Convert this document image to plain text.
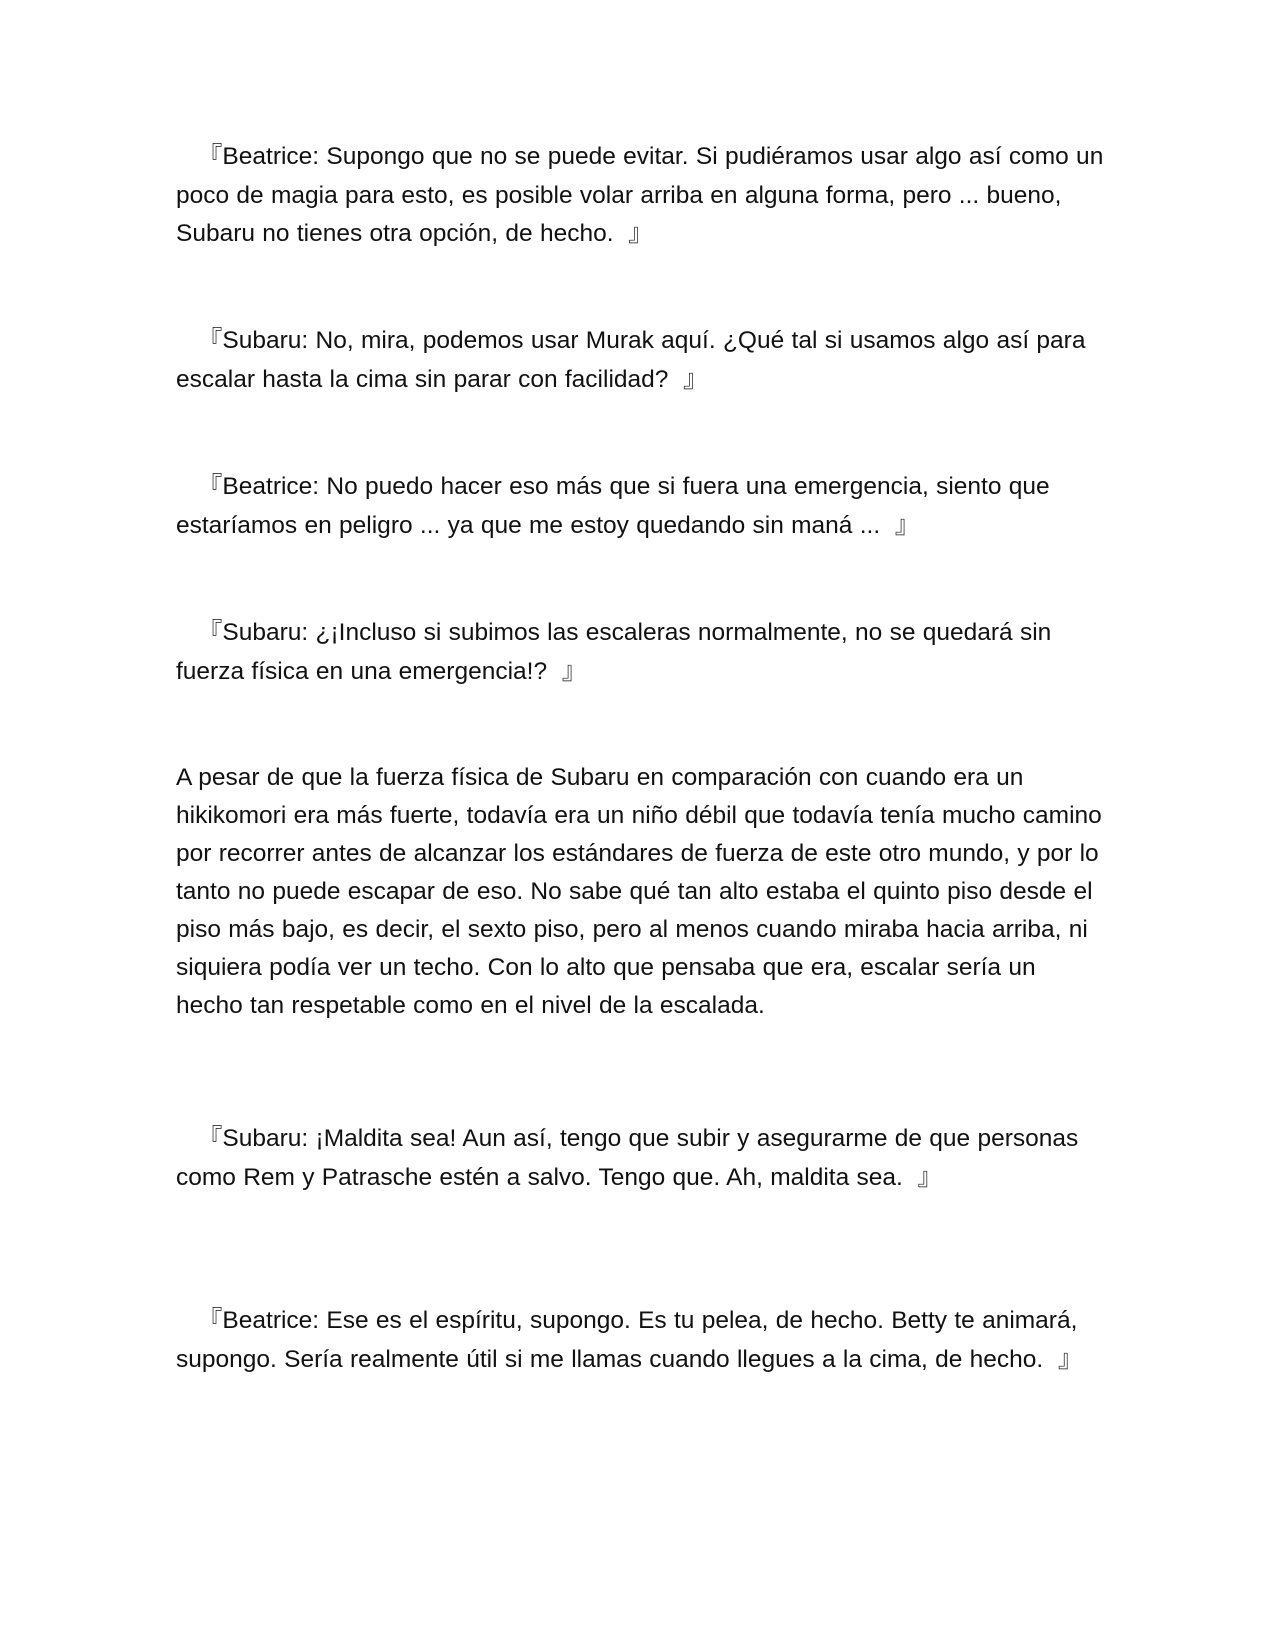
『Beatrice: Supongo que no se puede evitar. Si pudiéramos usar algo así como un poco de magia para esto, es posible volar arriba en alguna forma, pero ... bueno, Subaru no tienes otra opción, de hecho.  』

『Subaru: No, mira, podemos usar Murak aquí. ¿Qué tal si usamos algo así para escalar hasta la cima sin parar con facilidad?  』

『Beatrice: No puedo hacer eso más que si fuera una emergencia, siento que estaríamos en peligro ... ya que me estoy quedando sin maná ...  』

『Subaru: ¿¡Incluso si subimos las escaleras normalmente, no se quedará sin fuerza física en una emergencia!?  』

A pesar de que la fuerza física de Subaru en comparación con cuando era un hikikomori era más fuerte, todavía era un niño débil que todavía tenía mucho camino por recorrer antes de alcanzar los estándares de fuerza de este otro mundo, y por lo tanto no puede escapar de eso. No sabe qué tan alto estaba el quinto piso desde el piso más bajo, es decir, el sexto piso, pero al menos cuando miraba hacia arriba, ni siquiera podía ver un techo. Con lo alto que pensaba que era, escalar sería un hecho tan respetable como en el nivel de la escalada.

『Subaru: ¡Maldita sea! Aun así, tengo que subir y asegurarme de que personas como Rem y Patrasche estén a salvo. Tengo que. Ah, maldita sea.  』

『Beatrice: Ese es el espíritu, supongo. Es tu pelea, de hecho. Betty te animará, supongo. Sería realmente útil si me llamas cuando llegues a la cima, de hecho.  』
